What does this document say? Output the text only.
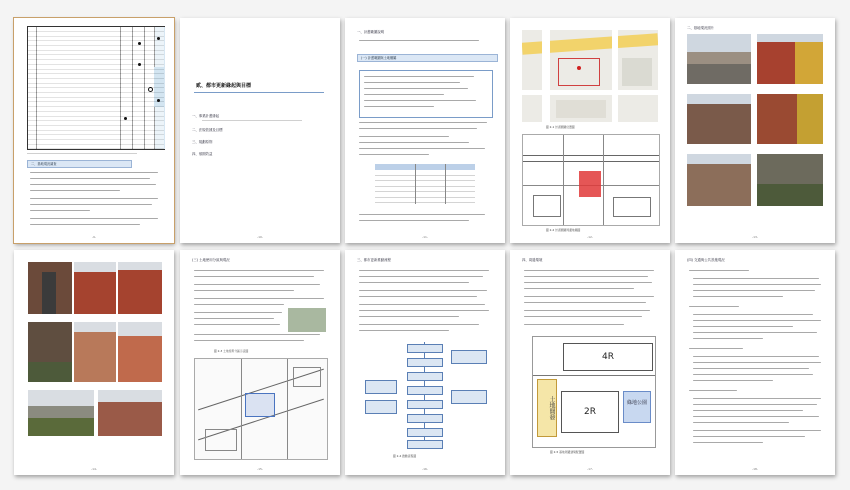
二、基地現況調查
-9-
貳、都市更新緣起與目標
一、事業計畫緣起
二、法規依據及目標
三、規劃原則
四、預期效益
-10-
一、計畫範圍說明
(一) 計畫範圍與土地權屬
-11-
圖 2-1 計畫範圍位置圖
圖 2-2 計畫範圍周邊地籍圖
-12-
二、基地現況照片
-13-
-14-
(三) 土地使用分區與現況
圖 2-3 土地使用分區示意圖
-15-
三、都市更新推動流程
圖 2-4 推動流程圖
-16-
四、周邊環境
4R
土地開發	2R
綠地公園
圖 2-5 基地周邊建築配置圖
-17-
(四) 交通與公共設施現況
-18-
